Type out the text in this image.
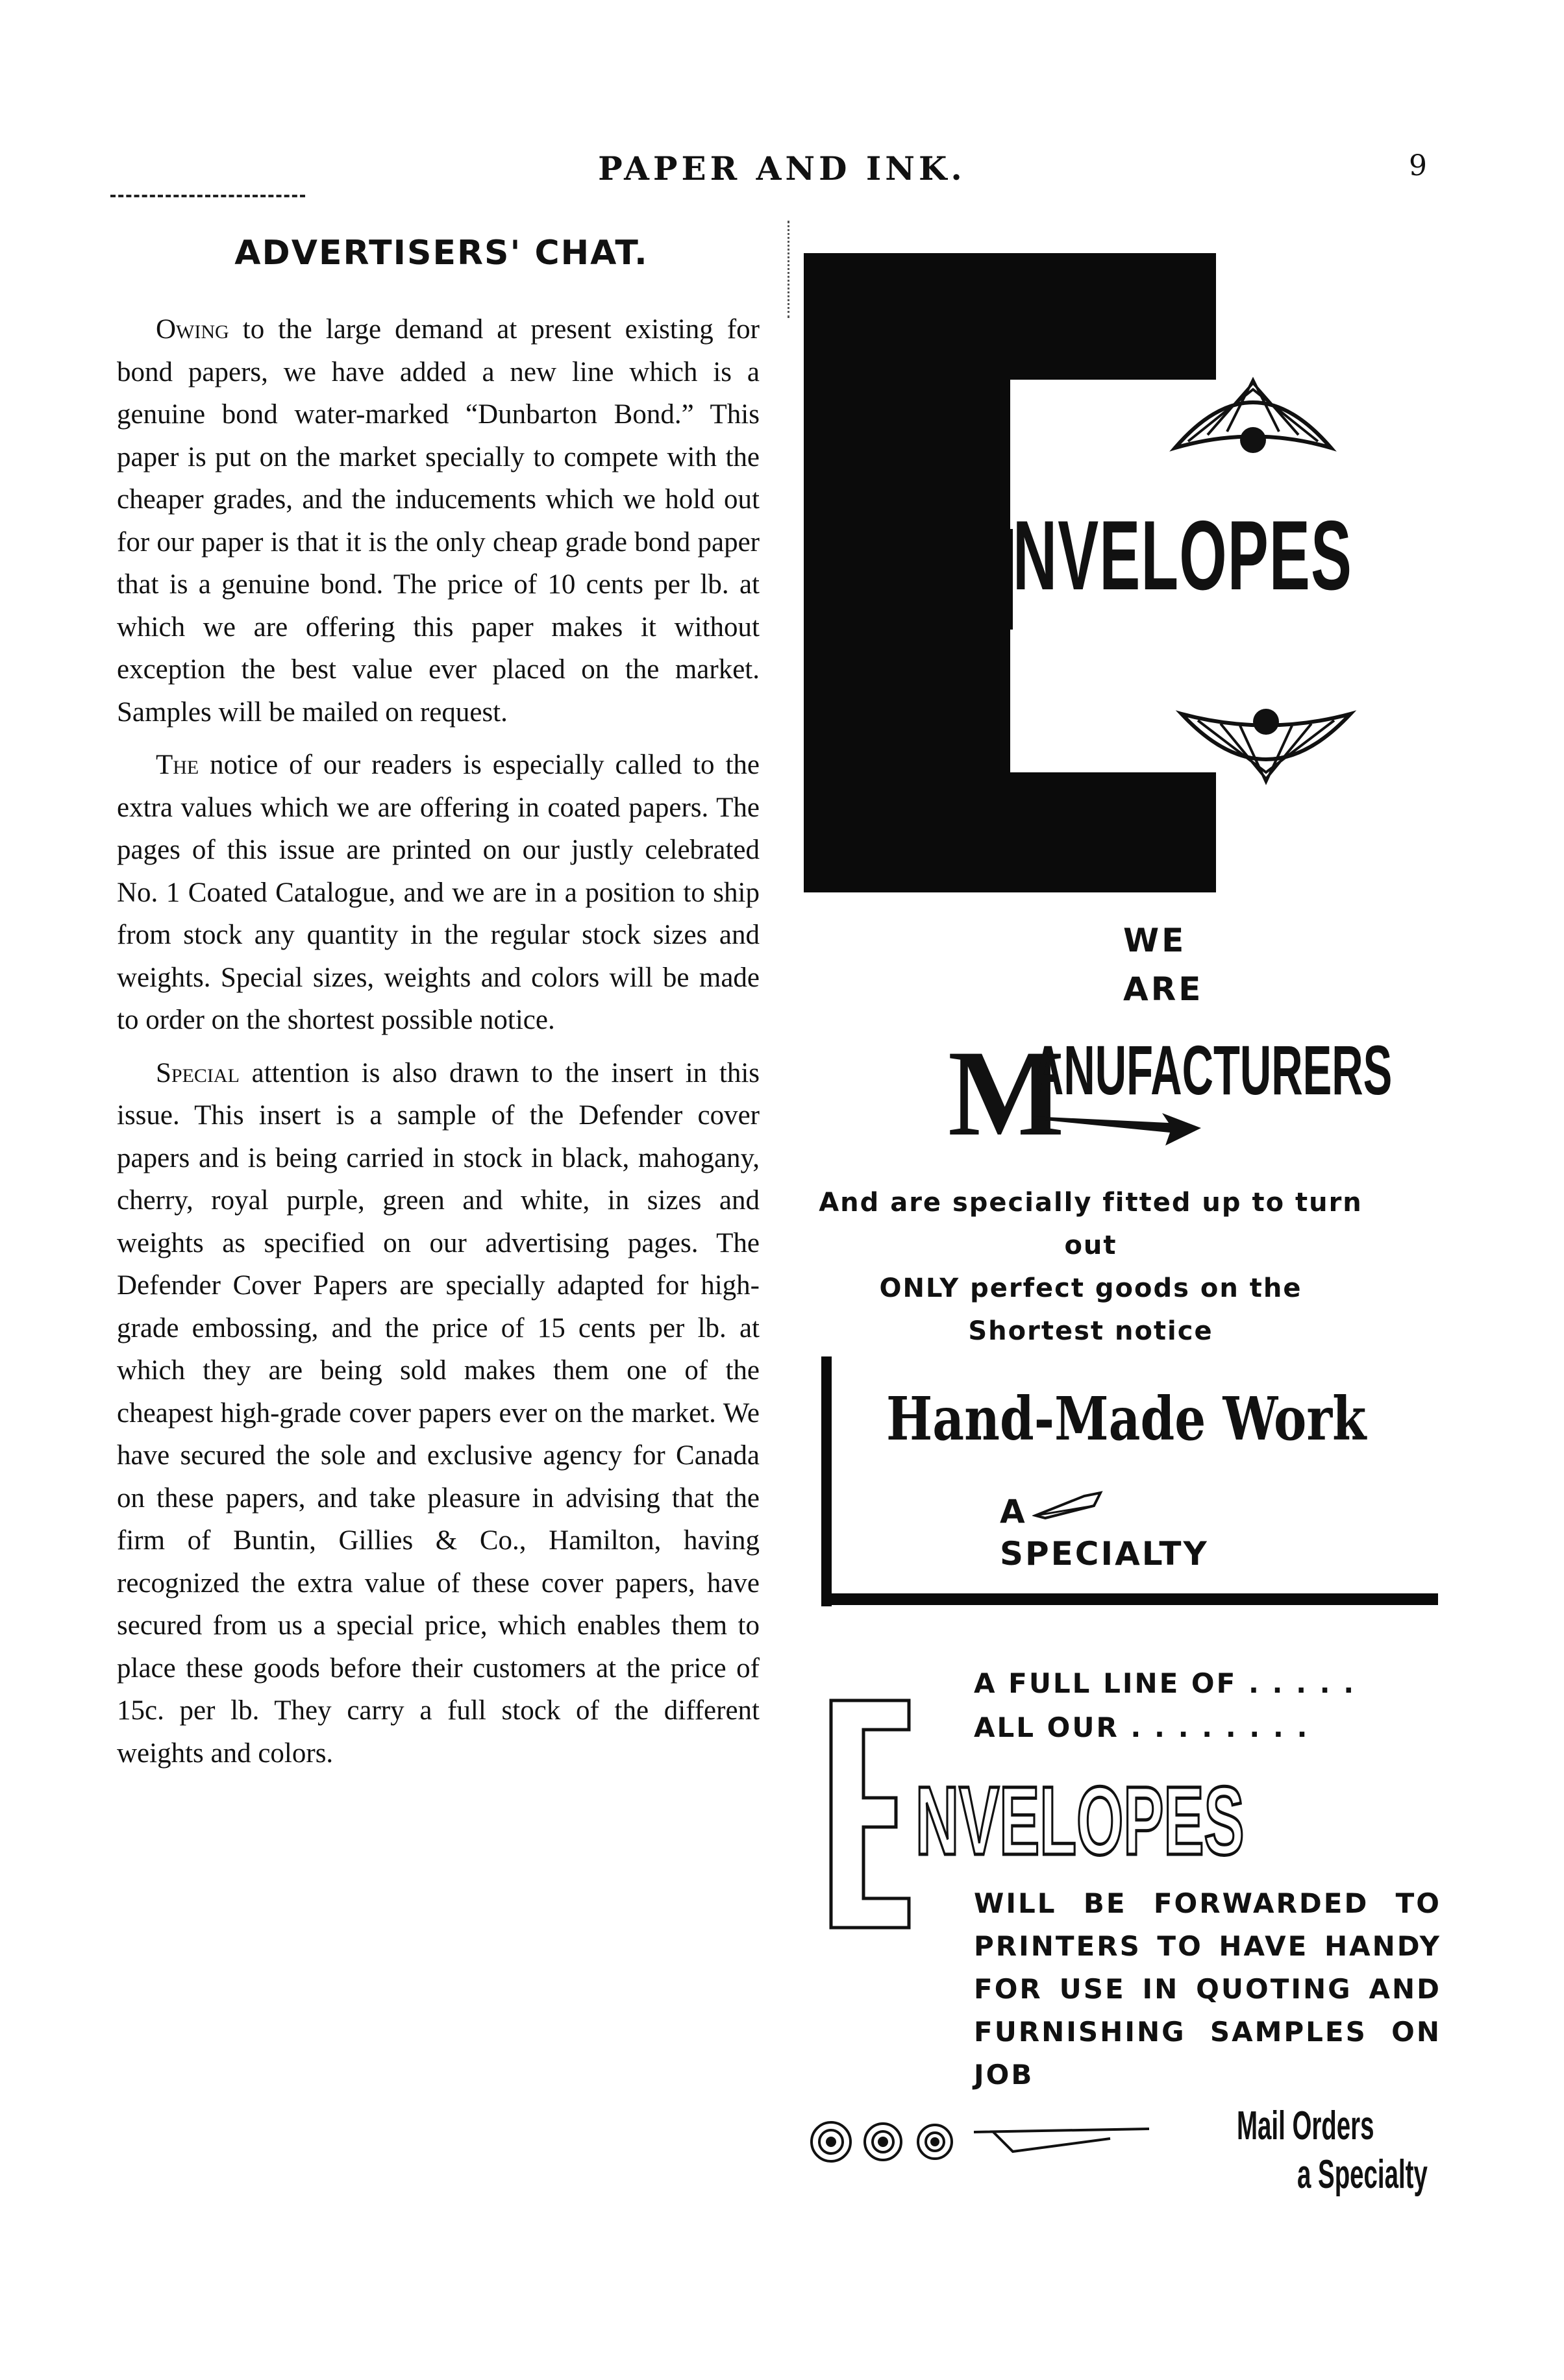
PAPER AND INK.	9
ADVERTISERS' CHAT.

Owing to the large demand at present existing for bond papers, we have added a new line which is a genuine bond water-marked “Dunbarton Bond.” This paper is put on the market specially to compete with the cheaper grades, and the inducements which we hold out for our paper is that it is the only cheap grade bond paper that is a genuine bond. The price of 10 cents per lb. at which we are offering this paper makes it without exception the best value ever placed on the market. Samples will be mailed on request.

The notice of our readers is especially called to the extra values which we are offering in coated papers. The pages of this issue are printed on our justly celebrated No. 1 Coated Catalogue, and we are in a position to ship from stock any quantity in the regular stock sizes and weights. Special sizes, weights and colors will be made to order on the shortest possible notice.

Special attention is also drawn to the insert in this issue. This insert is a sample of the Defender cover papers and is being carried in stock in black, mahogany, cherry, royal purple, green and white, in sizes and weights as specified on our advertising pages. The Defender Cover Papers are specially adapted for high-grade embossing, and the price of 15 cents per lb. at which they are being sold makes them one of the cheapest high-grade cover papers ever on the market. We have secured the sole and exclusive agency for Canada on these papers, and take pleasure in advising that the firm of Buntin, Gillies & Co., Hamilton, having recognized the extra value of these cover papers, have secured from us a special price, which enables them to place these goods before their customers at the price of 15c. per lb. They carry a full stock of the different weights and colors.

NVELOPES
WE
ARE
M
ANUFACTURERS
And are specially fitted up to turn out
ONLY perfect goods on the
Shortest notice
Hand-Made Work
A
SPECIALTY
A FULL LINE OF . . . . .
ALL OUR . . . . . . . .
NVELOPES
WILL BE FORWARDED TO PRINTERS TO HAVE HANDY FOR USE IN QUOTING AND FURNISHING SAMPLES ON JOB
Mail Orders
a Specialty
